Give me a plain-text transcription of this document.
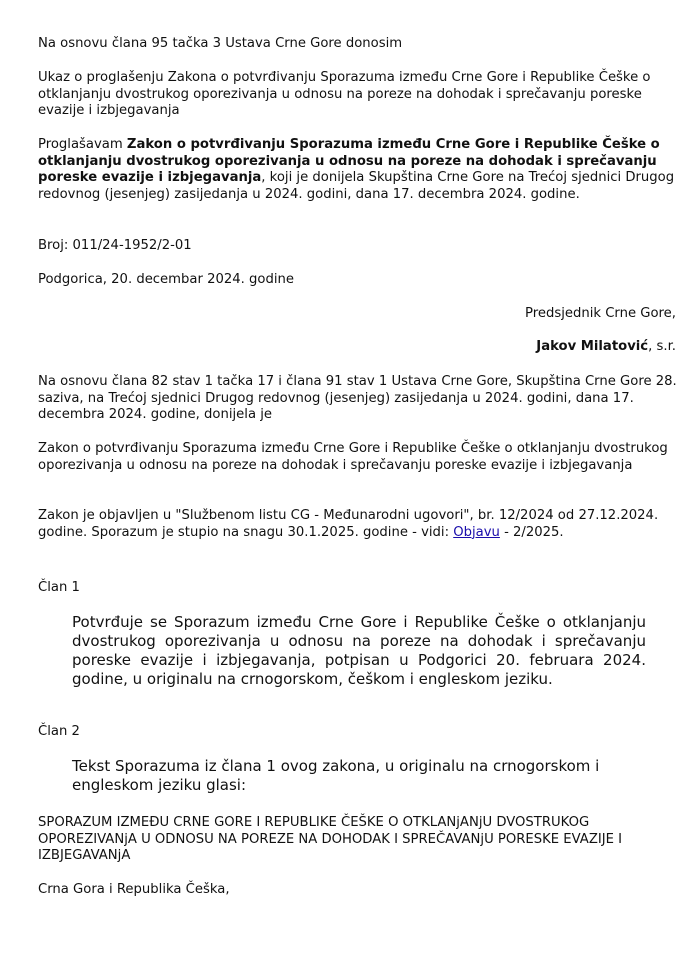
Na osnovu člana 95 tačka 3 Ustava Crne Gore donosim

Ukaz o proglašenju Zakona o potvrđivanju Sporazuma između Crne Gore i Republike Češke o otklanjanju dvostrukog oporezivanja u odnosu na poreze na dohodak i sprečavanju poreske evazije i izbjegavanja

Proglašavam Zakon o potvrđivanju Sporazuma između Crne Gore i Republike Češke o otklanjanju dvostrukog oporezivanja u odnosu na poreze na dohodak i sprečavanju poreske evazije i izbjegavanja, koji je donijela Skupština Crne Gore na Trećoj sjednici Drugog redovnog (jesenjeg) zasijedanja u 2024. godini, dana 17. decembra 2024. godine.

Broj: 011/24-1952/2-01

Podgorica, 20. decembar 2024. godine

Predsjednik Crne Gore,

Jakov Milatović, s.r.

Na osnovu člana 82 stav 1 tačka 17 i člana 91 stav 1 Ustava Crne Gore, Skupština Crne Gore 28. saziva, na Trećoj sjednici Drugog redovnog (jesenjeg) zasijedanja u 2024. godini, dana 17. decembra 2024. godine, donijela je

Zakon o potvrđivanju Sporazuma između Crne Gore i Republike Češke o otklanjanju dvostrukog oporezivanja u odnosu na poreze na dohodak i sprečavanju poreske evazije i izbjegavanja

Zakon je objavljen u "Službenom listu CG - Međunarodni ugovori", br. 12/2024 od 27.12.2024. godine. Sporazum je stupio na snagu 30.1.2025. godine - vidi: Objavu - 2/2025.

Član 1

Potvrđuje se Sporazum između Crne Gore i Republike Češke o otklanjanju dvostrukog oporezivanja u odnosu na poreze na dohodak i sprečavanju poreske evazije i izbjegavanja, potpisan u Podgorici 20. februara 2024. godine, u originalu na crnogorskom, češkom i engleskom jeziku.

Član 2

Tekst Sporazuma iz člana 1 ovog zakona, u originalu na crnogorskom i engleskom jeziku glasi:

SPORAZUM IZMEĐU CRNE GORE I REPUBLIKE ČEŠKE O OTKLANjANjU DVOSTRUKOG OPOREZIVANjA U ODNOSU NA POREZE NA DOHODAK I SPREČAVANjU PORESKE EVAZIJE I IZBJEGAVANjA

Crna Gora i Republika Češka,
